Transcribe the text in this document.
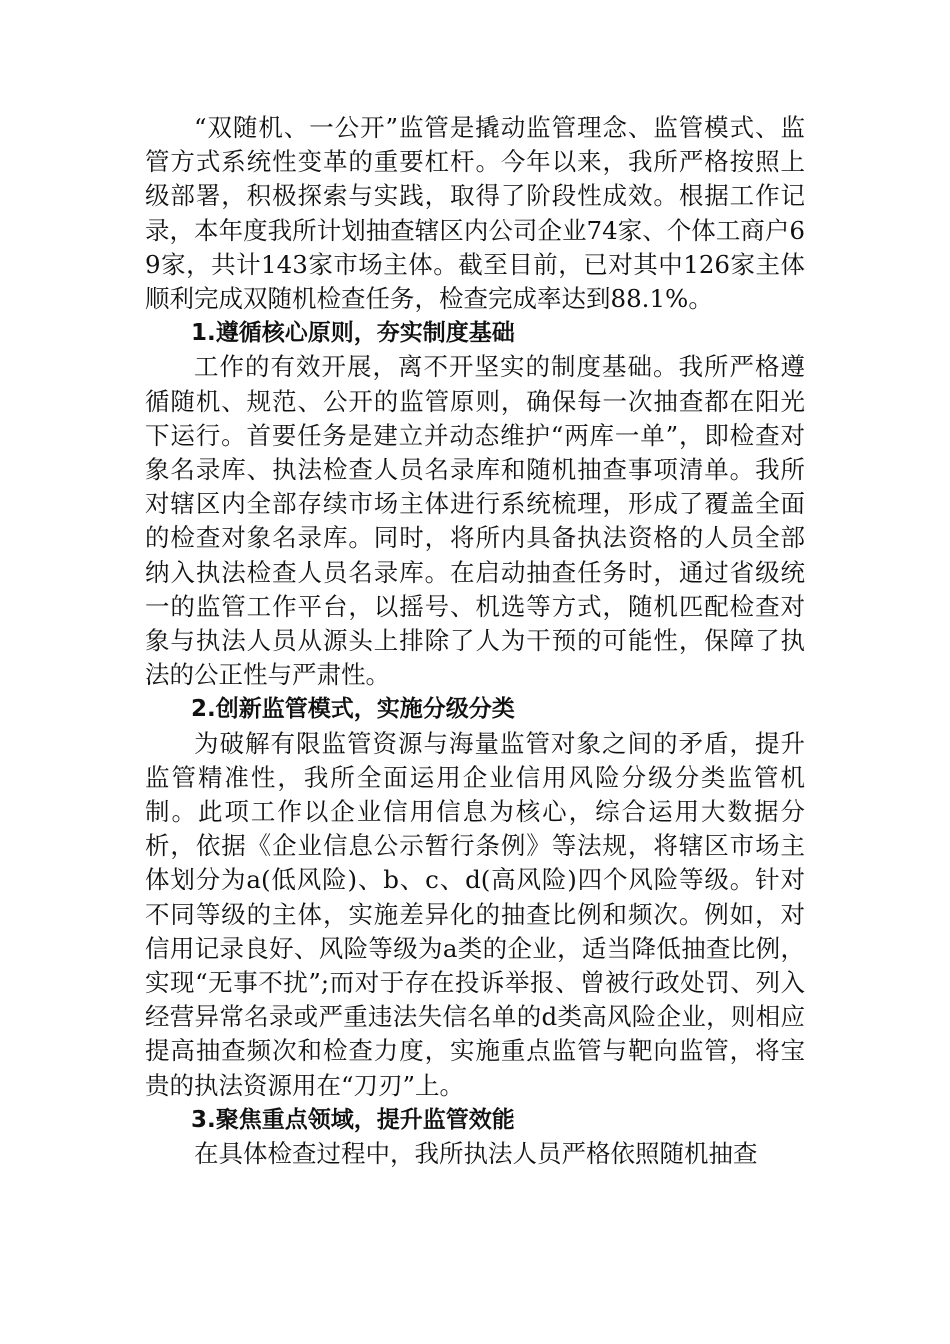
“双随机、一公开”监管是撬动监管理念、监管模式、监管方式系统性变革的重要杠杆。今年以来，我所严格按照上级部署，积极探索与实践，取得了阶段性成效。根据工作记录，本年度我所计划抽查辖区内公司企业74家、个体工商户69家，共计143家市场主体。截至目前，已对其中126家主体顺利完成双随机检查任务，检查完成率达到88.1%。

1.遵循核心原则，夯实制度基础

工作的有效开展，离不开坚实的制度基础。我所严格遵循随机、规范、公开的监管原则，确保每一次抽查都在阳光下运行。首要任务是建立并动态维护“两库一单”，即检查对象名录库、执法检查人员名录库和随机抽查事项清单。我所对辖区内全部存续市场主体进行系统梳理，形成了覆盖全面的检查对象名录库。同时，将所内具备执法资格的人员全部纳入执法检查人员名录库。在启动抽查任务时，通过省级统一的监管工作平台，以摇号、机选等方式，随机匹配检查对象与执法人员从源头上排除了人为干预的可能性，保障了执法的公正性与严肃性。

2.创新监管模式，实施分级分类

为破解有限监管资源与海量监管对象之间的矛盾，提升监管精准性，我所全面运用企业信用风险分级分类监管机制。此项工作以企业信用信息为核心，综合运用大数据分析，依据《企业信息公示暂行条例》等法规，将辖区市场主体划分为a(低风险)、b、c、d(高风险)四个风险等级。针对不同等级的主体，实施差异化的抽查比例和频次。例如，对信用记录良好、风险等级为a类的企业，适当降低抽查比例，实现“无事不扰”;而对于存在投诉举报、曾被行政处罚、列入经营异常名录或严重违法失信名单的d类高风险企业，则相应提高抽查频次和检查力度，实施重点监管与靶向监管，将宝贵的执法资源用在“刀刃”上。

3.聚焦重点领域，提升监管效能

在具体检查过程中，我所执法人员严格依照随机抽查
